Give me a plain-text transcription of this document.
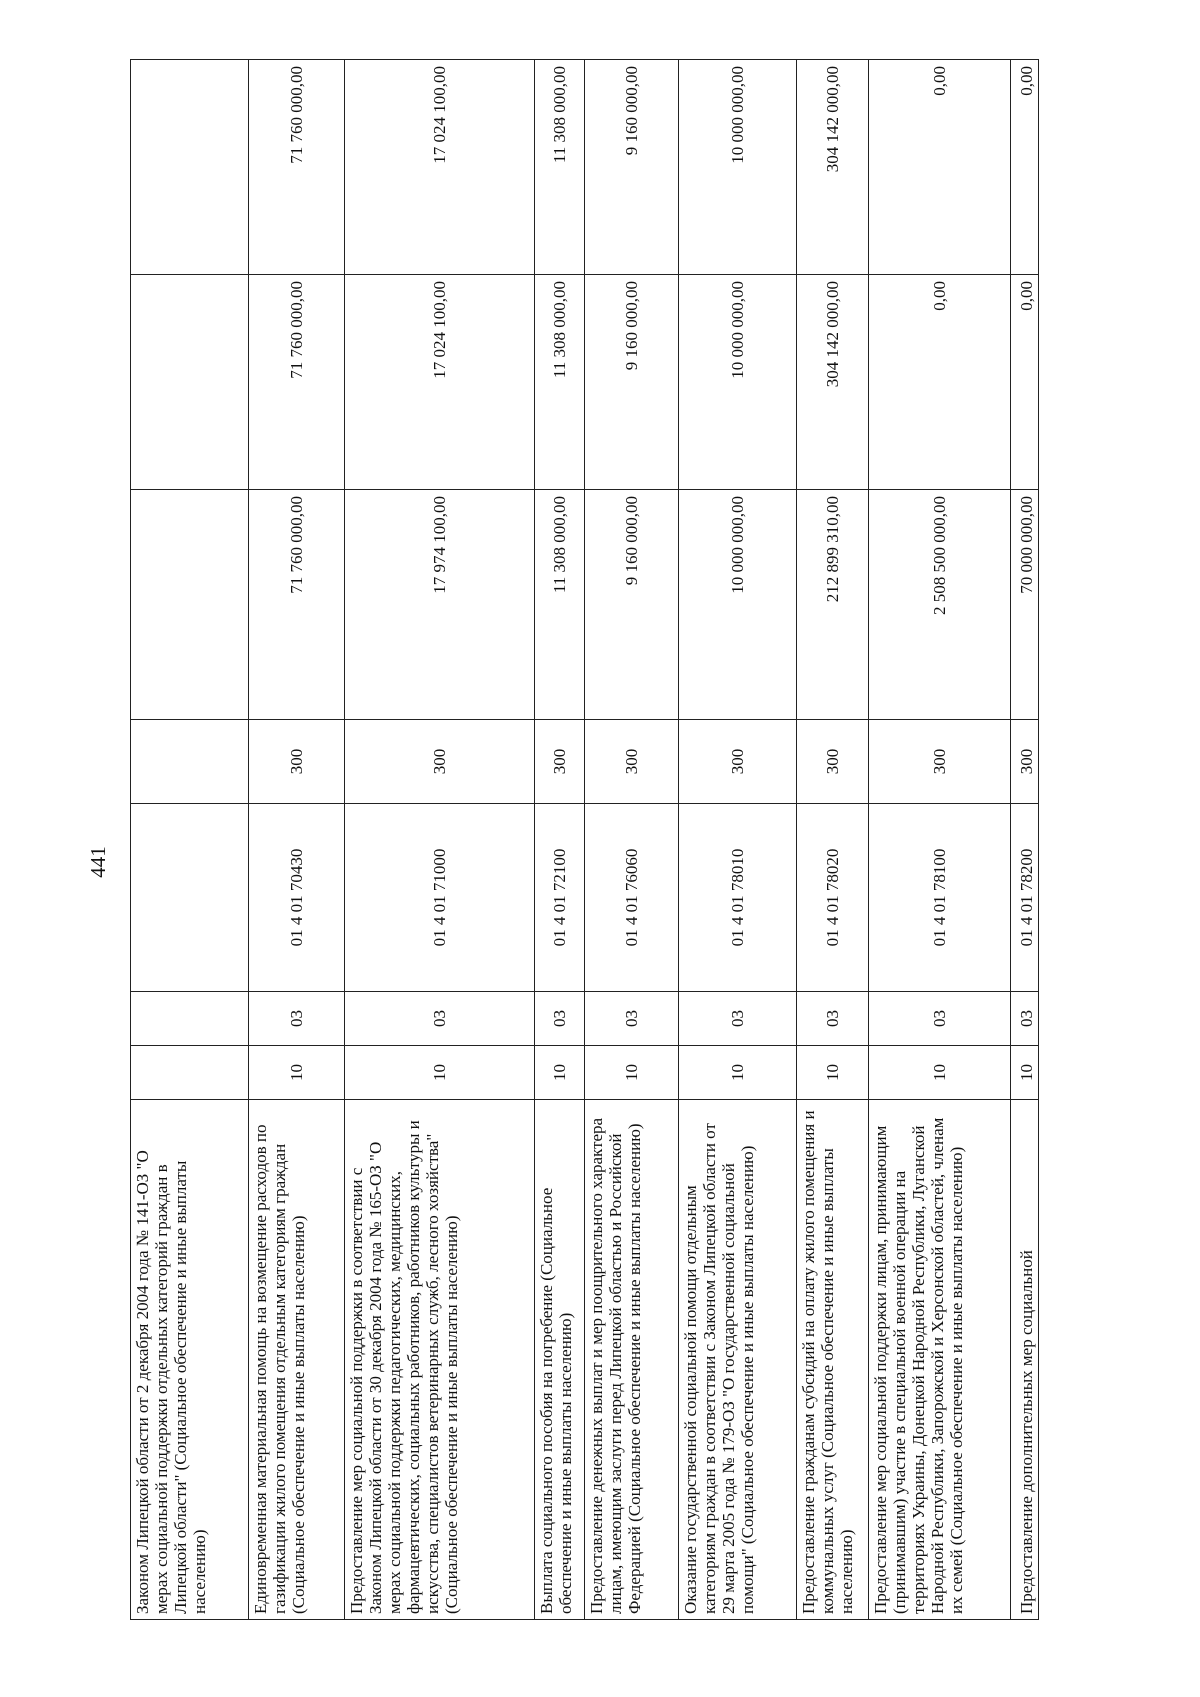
441
Законом Липецкой области от 2 декабря 2004 года № 141-ОЗ "О мерах социальной поддержки отдельных категорий граждан в Липецкой области" (Социальное обеспечение и иные выплаты населению)							
Единовременная материальная помощь на возмещение расходов по газификации жилого помещения отдельным категориям граждан (Социальное обеспечение и иные выплаты населению)	10	03	01 4 01 70430	300	71 760 000,00	71 760 000,00	71 760 000,00
Предоставление мер социальной поддержки в соответствии с Законом Липецкой области от 30 декабря 2004 года № 165-ОЗ "О мерах социальной поддержки педагогических, медицинских, фармацевтических, социальных работников, работников культуры и искусства, специалистов ветеринарных служб, лесного хозяйства" (Социальное обеспечение и иные выплаты населению)	10	03	01 4 01 71000	300	17 974 100,00	17 024 100,00	17 024 100,00
Выплата социального пособия на погребение (Социальное обеспечение и иные выплаты населению)	10	03	01 4 01 72100	300	11 308 000,00	11 308 000,00	11 308 000,00
Предоставление денежных выплат и мер поощрительного характера лицам, имеющим заслуги перед Липецкой областью и Российской Федерацией (Социальное обеспечение и иные выплаты населению)	10	03	01 4 01 76060	300	9 160 000,00	9 160 000,00	9 160 000,00
Оказание государственной социальной помощи отдельным категориям граждан в соответствии с Законом Липецкой области от 29 марта 2005 года № 179-ОЗ "О государственной социальной помощи" (Социальное обеспечение и иные выплаты населению)	10	03	01 4 01 78010	300	10 000 000,00	10 000 000,00	10 000 000,00
Предоставление гражданам субсидий на оплату жилого помещения и коммунальных услуг (Социальное обеспечение и иные выплаты населению)	10	03	01 4 01 78020	300	212 899 310,00	304 142 000,00	304 142 000,00
Предоставление мер социальной поддержки лицам, принимающим (принимавшим) участие в специальной военной операции на территориях Украины, Донецкой Народной Республики, Луганской Народной Республики, Запорожской и Херсонской областей, членам их семей (Социальное обеспечение и иные выплаты населению)	10	03	01 4 01 78100	300	2 508 500 000,00	0,00	0,00
Предоставление дополнительных мер социальной	10	03	01 4 01 78200	300	70 000 000,00	0,00	0,00
